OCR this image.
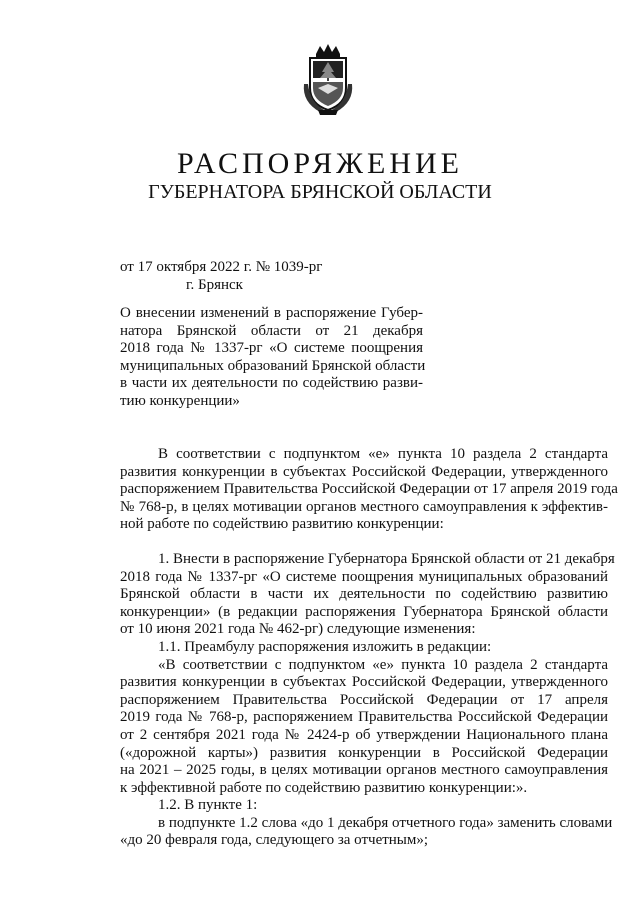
РАСПОРЯЖЕНИЕ
ГУБЕРНАТОРА БРЯНСКОЙ ОБЛАСТИ
от 17 октября 2022 г. № 1039-рг
г. Брянск
О внесении изменений в распоряжение Губер-
натора Брянской области от 21 декабря
2018 года № 1337-рг «О системе поощрения
муниципальных образований Брянской области
в части их деятельности по содействию разви-
тию конкуренции»
В соответствии с подпунктом «е» пункта 10 раздела 2 стандарта
развития конкуренции в субъектах Российской Федерации, утвержденного
распоряжением Правительства Российской Федерации от 17 апреля 2019 года
№ 768-р, в целях мотивации органов местного самоуправления к эффектив-
ной работе по содействию развитию конкуренции:
1. Внести в распоряжение Губернатора Брянской области от 21 декабря
2018 года № 1337-рг «О системе поощрения муниципальных образований
Брянской области в части их деятельности по содействию развитию
конкуренции» (в редакции распоряжения Губернатора Брянской области
от 10 июня 2021 года № 462-рг) следующие изменения:
1.1. Преамбулу распоряжения изложить в редакции:
«В соответствии с подпунктом «е» пункта 10 раздела 2 стандарта
развития конкуренции в субъектах Российской Федерации, утвержденного
распоряжением Правительства Российской Федерации от 17 апреля
2019 года № 768-р, распоряжением Правительства Российской Федерации
от 2 сентября 2021 года № 2424-р об утверждении Национального плана
(«дорожной карты») развития конкуренции в Российской Федерации
на 2021 – 2025 годы, в целях мотивации органов местного самоуправления
к эффективной работе по содействию развитию конкуренции:».
1.2. В пункте 1:
в подпункте 1.2 слова «до 1 декабря отчетного года» заменить словами
«до 20 февраля года, следующего за отчетным»;
